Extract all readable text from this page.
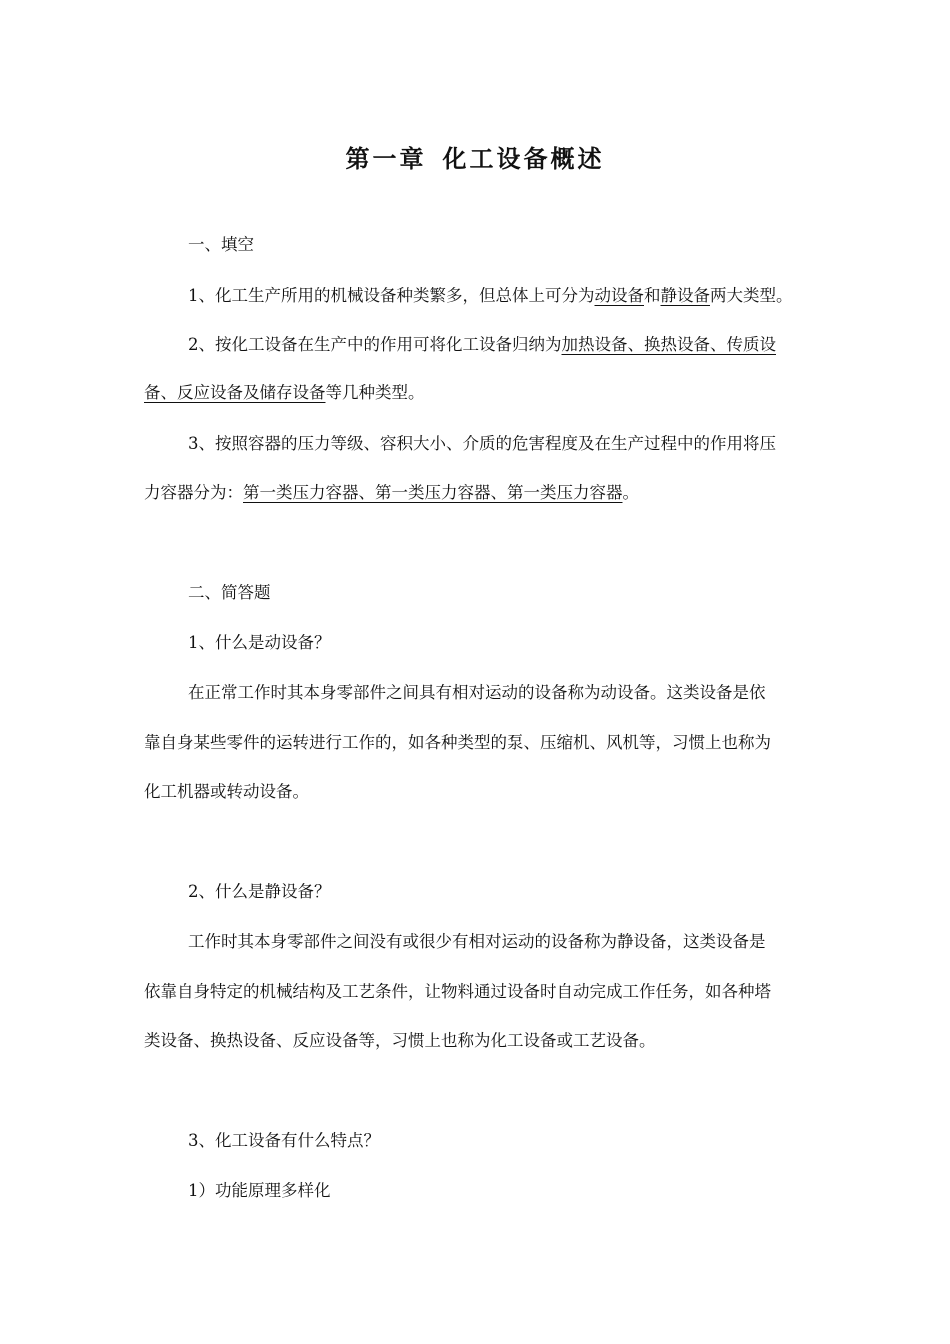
第一章 化工设备概述
一、填空
1、化工生产所用的机械设备种类繁多，但总体上可分为动设备和静设备两大类型。
2、按化工设备在生产中的作用可将化工设备归纳为加热设备、换热设备、传质设
备、反应设备及储存设备等几种类型。
3、按照容器的压力等级、容积大小、介质的危害程度及在生产过程中的作用将压
力容器分为：第一类压力容器、第一类压力容器、第一类压力容器。
二、简答题
1、什么是动设备？
在正常工作时其本身零部件之间具有相对运动的设备称为动设备。这类设备是依
靠自身某些零件的运转进行工作的，如各种类型的泵、压缩机、风机等，习惯上也称为
化工机器或转动设备。
2、什么是静设备？
工作时其本身零部件之间没有或很少有相对运动的设备称为静设备，这类设备是
依靠自身特定的机械结构及工艺条件，让物料通过设备时自动完成工作任务，如各种塔
类设备、换热设备、反应设备等，习惯上也称为化工设备或工艺设备。
3、化工设备有什么特点？
1）功能原理多样化
